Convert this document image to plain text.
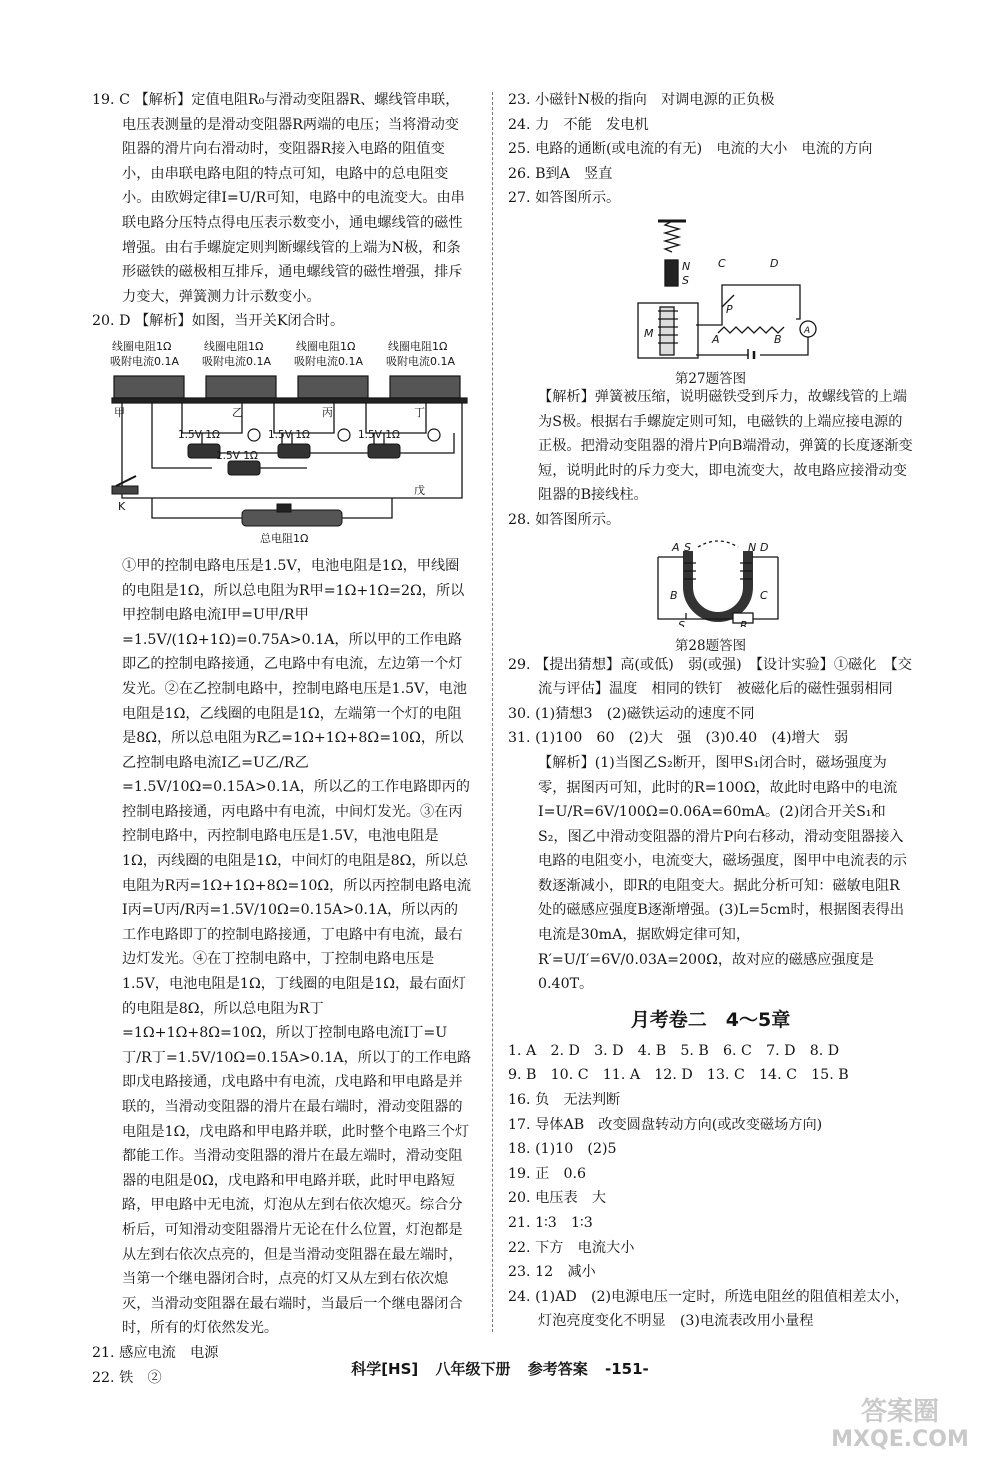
19. C 【解析】定值电阻R₀与滑动变阻器R、螺线管串联，电压表测量的是滑动变阻器R两端的电压；当将滑动变阻器的滑片向右滑动时，变阻器R接入电路的阻值变小，由串联电路电阻的特点可知，电路中的总电阻变小。由欧姆定律I=U/R可知，电路中的电流变大。由串联电路分压特点得电压表示数变小，通电螺线管的磁性增强。由右手螺旋定则判断螺线管的上端为N极，和条形磁铁的磁极相互排斥，通电螺线管的磁性增强，排斥力变大，弹簧测力计示数变小。

20. D 【解析】如图，当开关K闭合时。

线圈电阻1Ω	线圈电阻1Ω	线圈电阻1Ω	线圈电阻1Ω
吸附电流0.1A 吸附电流0.1A 吸附电流0.1A 吸附电流0.1A
1.5V 1Ω	1.5V 1Ω	1.5V 1Ω
1.5V 1Ω
甲	乙	丙	丁
戊
K
总电阻1Ω

①甲的控制电路电压是1.5V，电池电阻是1Ω，甲线圈的电阻是1Ω，所以总电阻为R甲=1Ω+1Ω=2Ω，所以甲控制电路电流I甲=U甲/R甲=1.5V/(1Ω+1Ω)=0.75A>0.1A，所以甲的工作电路即乙的控制电路接通，乙电路中有电流，左边第一个灯发光。②在乙控制电路中，控制电路电压是1.5V，电池电阻是1Ω，乙线圈的电阻是1Ω，左端第一个灯的电阻是8Ω，所以总电阻为R乙=1Ω+1Ω+8Ω=10Ω，所以乙控制电路电流I乙=U乙/R乙=1.5V/10Ω=0.15A>0.1A，所以乙的工作电路即丙的控制电路接通，丙电路中有电流，中间灯发光。③在丙控制电路中，丙控制电路电压是1.5V，电池电阻是1Ω，丙线圈的电阻是1Ω，中间灯的电阻是8Ω，所以总电阻为R丙=1Ω+1Ω+8Ω=10Ω，所以丙控制电路电流I丙=U丙/R丙=1.5V/10Ω=0.15A>0.1A，所以丙的工作电路即丁的控制电路接通，丁电路中有电流，最右边灯发光。④在丁控制电路中，丁控制电路电压是1.5V，电池电阻是1Ω，丁线圈的电阻是1Ω，最右面灯的电阻是8Ω，所以总电阻为R丁=1Ω+1Ω+8Ω=10Ω，所以丁控制电路电流I丁=U丁/R丁=1.5V/10Ω=0.15A>0.1A，所以丁的工作电路即戊电路接通，戊电路中有电流，戊电路和甲电路是并联的，当滑动变阻器的滑片在最右端时，滑动变阻器的电阻是1Ω，戊电路和甲电路并联，此时整个电路三个灯都能工作。当滑动变阻器的滑片在最左端时，滑动变阻器的电阻是0Ω，戊电路和甲电路并联，此时甲电路短路，甲电路中无电流，灯泡从左到右依次熄灭。综合分析后，可知滑动变阻器滑片无论在什么位置，灯泡都是从左到右依次点亮的，但是当滑动变阻器在最左端时，当第一个继电器闭合时，点亮的灯又从左到右依次熄灭，当滑动变阻器在最右端时，当最后一个继电器闭合时，所有的灯依然发光。

21. 感应电流　电源

22. 铁　②

23. 小磁针N极的指向　对调电源的正负极

24. 力　不能　发电机

25. 电路的通断(或电流的有无)　电流的大小　电流的方向

26. B到A　竖直

27. 如答图所示。

N
S
C	D
P
A	B
M	A
第27题答图

【解析】弹簧被压缩，说明磁铁受到斥力，故螺线管的上端为S极。根据右手螺旋定则可知，电磁铁的上端应接电源的正极。把滑动变阻器的滑片P向B端滑动，弹簧的长度逐渐变短，说明此时的斥力变大，即电流变大，故电路应接滑动变阻器的B接线柱。

28. 如答图所示。

A S	N D
B	C
S	R
第28题答图

29. 【提出猜想】高(或低)　弱(或强)　【设计实验】①磁化　【交流与评估】温度　相同的铁钉　被磁化后的磁性强弱相同

30. (1)猜想3　(2)磁铁运动的速度不同

31. (1)100　60　(2)大　强　(3)0.40　(4)增大　弱

【解析】(1)当图乙S₂断开，图甲S₁闭合时，磁场强度为零，据图丙可知，此时的R=100Ω，故此时电路中的电流I=U/R=6V/100Ω=0.06A=60mA。(2)闭合开关S₁和S₂，图乙中滑动变阻器的滑片P向右移动，滑动变阻器接入电路的电阻变小，电流变大，磁场强度，图甲中电流表的示数逐渐减小，即R的电阻变大。据此分析可知：磁敏电阻R处的磁感应强度B逐渐增强。(3)L=5cm时，根据图表得出电流是30mA，据欧姆定律可知，R′=U/I′=6V/0.03A=200Ω，故对应的磁感应强度是0.40T。

月考卷二　4～5章

1. A　2. D　3. D　4. B　5. B　6. C　7. D　8. D

9. B　10. C　11. A　12. D　13. C　14. C　15. B

16. 负　无法判断

17. 导体AB　改变圆盘转动方向(或改变磁场方向)

18. (1)10　(2)5

19. 正　0.6

20. 电压表　大

21. 1∶3　1∶3

22. 下方　电流大小

23. 12　减小

24. (1)AD　(2)电源电压一定时，所选电阻丝的阻值相差太小，灯泡亮度变化不明显　(3)电流表改用小量程

科学[HS] 八年级下册 参考答案 -151-
答案圈
MXQE.COM
